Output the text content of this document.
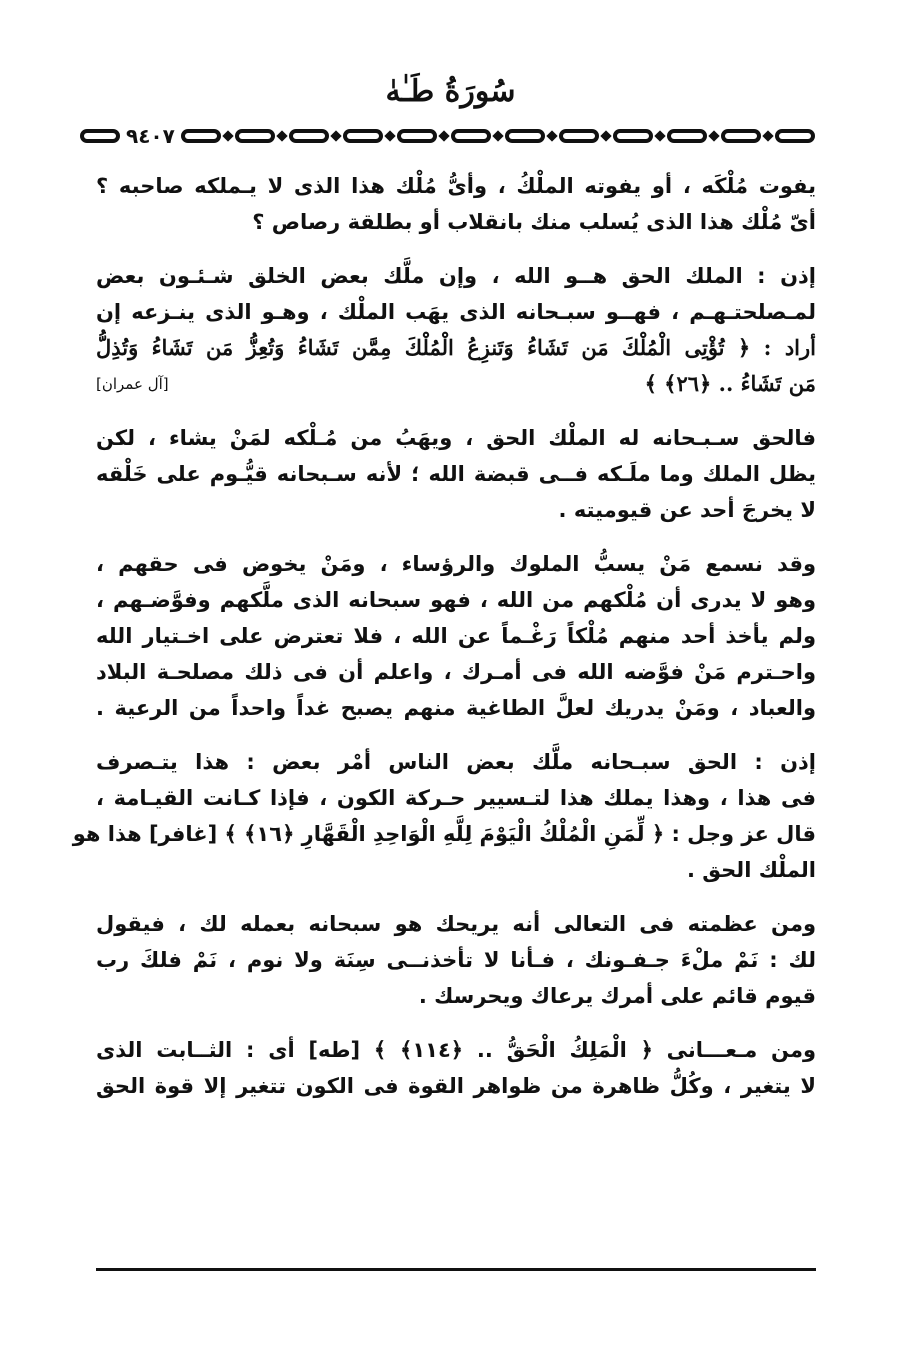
سُورَةُ طَـٰهٰ
٩٤٠٧
يفوت مُلْكَه ، أو يفوته الملْكُ ، وأىُّ مُلْك هذا الذى لا يـملكه صاحبه ؟
أىّ مُلْك هذا الذى يُسلب منك بانقلاب أو بطلقة رصاص ؟
إذن : الملك الحق هــو الله ، وإن ملَّك بعض الخلق شـئـون بعض
لمـصلحتـهـم ، فهــو سبـحانه الذى يهَب الملْك ، وهـو الذى ينـزعه إن
أراد : ﴿ تُؤْتِى الْمُلْكَ مَن تَشَاءُ وَتَنزِعُ الْمُلْكَ مِمَّن تَشَاءُ وَتُعِزُّ مَن تَشَاءُ وَتُذِلُّ
مَن تَشَاءُ .. ﴿٢٦﴾ ﴾
[آل عمران]
فالحق سـبـحانه له الملْك الحق ، ويهَبُ من مُـلْكه لمَنْ يشاء ، لكن
يظل الملك وما ملَـكه فــى قبضة الله ؛ لأنه سـبحانه قيُّـوم على خَلْقه
لا يخرجَ أحد عن قيوميته .
وقد نسمع مَنْ يسبُّ الملوك والرؤساء ، ومَنْ يخوض فى حقهم ،
وهو لا يدرى أن مُلْكهم من الله ، فهو سبحانه الذى ملَّكهم وفوَّضـهم ،
ولم يأخذ أحد منهم مُلْكاً رَغْـماً عن الله ، فلا تعترض على اخـتيار الله
واحـترم مَنْ فوَّضه الله فى أمـرك ، واعلم أن فى ذلك مصلحـة البلاد
والعباد ، ومَنْ يدريك لعلَّ الطاغية منهم يصبح غداً واحداً من الرعية .
إذن : الحق سبـحانه ملَّك بعض الناس أمْر بعض : هذا يتـصرف
فى هذا ، وهذا يملك هذا لتـسيير حـركة الكون ، فإذا كـانت القيـامة ،
قال عز وجل : ﴿ لِّمَنِ الْمُلْكُ الْيَوْمَ لِلَّهِ الْوَاحِدِ الْقَهَّارِ ﴿١٦﴾ ﴾ [غافر] هذا هو
الملْك الحق .
ومن عظمته فى التعالى أنه يريحك هو سبحانه بعمله لك ، فيقول
لك : نَمْ ملْءَ جـفـونك ، فـأنا لا تأخذنــى سِنَة ولا نوم ، نَمْ فلكَ رب
قيوم قائم على أمرك يرعاك ويحرسك .
ومن مـعـــانى ﴿ الْمَلِكُ الْحَقُّ .. ﴿١١٤﴾ ﴾ [طه] أى : الثــابت الذى
لا يتغير ، وكُلُّ ظاهرة من ظواهر القوة فى الكون تتغير إلا قوة الحق
